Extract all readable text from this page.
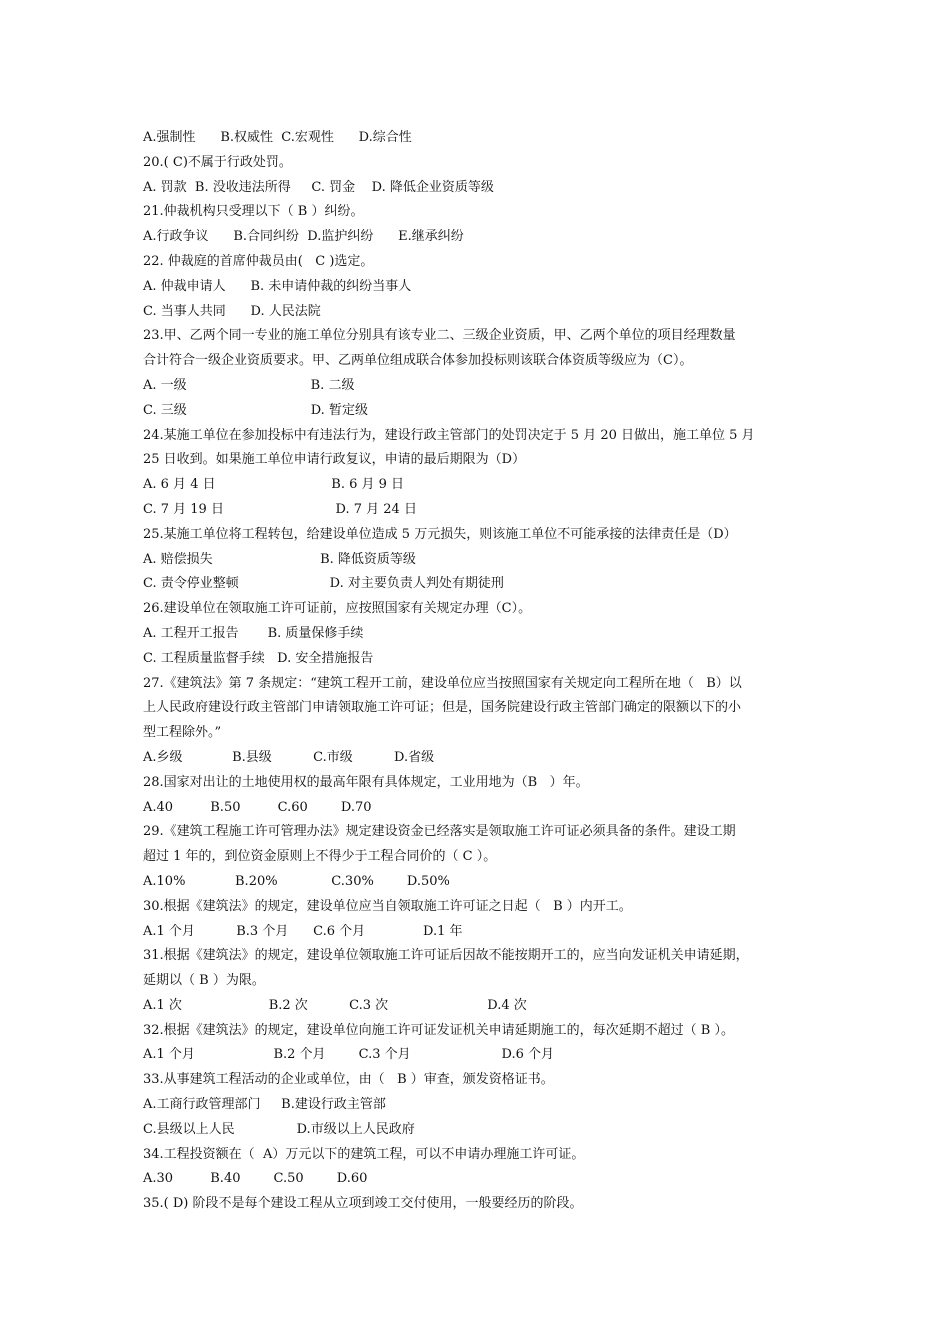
A.强制性      B.权威性  C.宏观性      D.综合性
20.( C)不属于行政处罚。
A. 罚款  B. 没收违法所得     C. 罚金    D. 降低企业资质等级
21.仲裁机构只受理以下（ B ）纠纷。
A.行政争议      B.合同纠纷  D.监护纠纷      E.继承纠纷
22. 仲裁庭的首席仲裁员由(   C )选定。
A. 仲裁申请人      B. 未申请仲裁的纠纷当事人
C. 当事人共同      D. 人民法院
23.甲、乙两个同一专业的施工单位分别具有该专业二、三级企业资质，甲、乙两个单位的项目经理数量
合计符合一级企业资质要求。甲、乙两单位组成联合体参加投标则该联合体资质等级应为（C）。
A. 一级                              B. 二级
C. 三级                              D. 暂定级
24.某施工单位在参加投标中有违法行为，建设行政主管部门的处罚决定于 5 月 20 日做出，施工单位 5 月
25 日收到。如果施工单位申请行政复议，申请的最后期限为（D）
A. 6 月 4 日                            B. 6 月 9 日
C. 7 月 19 日                           D. 7 月 24 日
25.某施工单位将工程转包，给建设单位造成 5 万元损失，则该施工单位不可能承接的法律责任是（D）
A. 赔偿损失                          B. 降低资质等级
C. 责令停业整顿                      D. 对主要负责人判处有期徒刑
26.建设单位在领取施工许可证前，应按照国家有关规定办理（C）。
A. 工程开工报告       B. 质量保修手续
C. 工程质量监督手续   D. 安全措施报告
27.《建筑法》第 7 条规定：“建筑工程开工前，建设单位应当按照国家有关规定向工程所在地（   B）以
上人民政府建设行政主管部门申请领取施工许可证；但是，国务院建设行政主管部门确定的限额以下的小
型工程除外。”
A.乡级            B.县级          C.市级          D.省级
28.国家对出让的土地使用权的最高年限有具体规定，工业用地为（B   ）年。
A.40         B.50         C.60        D.70
29.《建筑工程施工许可管理办法》规定建设资金已经落实是领取施工许可证必须具备的条件。建设工期
超过 1 年的，到位资金原则上不得少于工程合同价的（ C ）。
A.10%            B.20%             C.30%        D.50%
30.根据《建筑法》的规定，建设单位应当自领取施工许可证之日起（   B ）内开工。
A.1 个月          B.3 个月      C.6 个月              D.1 年
31.根据《建筑法》的规定，建设单位领取施工许可证后因故不能按期开工的，应当向发证机关申请延期，
延期以（ B ）为限。
A.1 次                     B.2 次          C.3 次                        D.4 次
32.根据《建筑法》的规定，建设单位向施工许可证发证机关申请延期施工的，每次延期不超过（ B ）。
A.1 个月                   B.2 个月        C.3 个月                      D.6 个月
33.从事建筑工程活动的企业或单位，由（   B ）审查，颁发资格证书。
A.工商行政管理部门     B.建设行政主管部
C.县级以上人民               D.市级以上人民政府
34.工程投资额在（  A）万元以下的建筑工程，可以不申请办理施工许可证。
A.30         B.40        C.50        D.60
35.( D) 阶段不是每个建设工程从立项到竣工交付使用，一般要经历的阶段。
